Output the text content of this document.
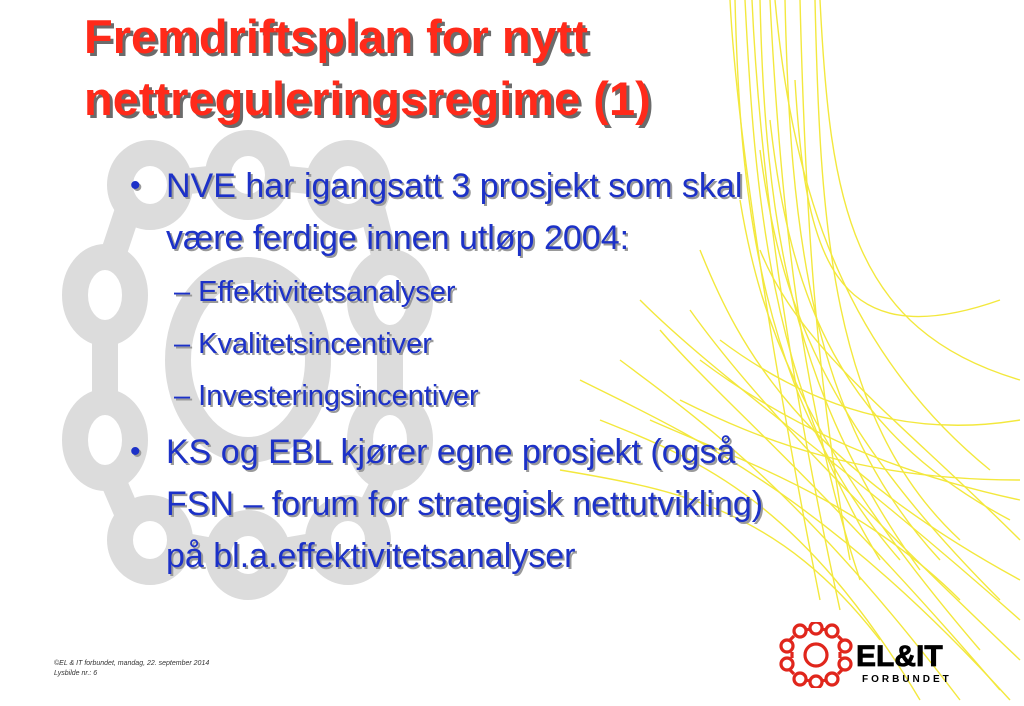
Fremdriftsplan for nytt
nettreguleringsregime (1)
• NVE har igangsatt 3 prosjekt som skal
være ferdige innen utløp 2004:
– Effektivitetsanalyser
– Kvalitetsincentiver
– Investeringsincentiver
• KS og EBL kjører egne prosjekt (også
FSN – forum for strategisk nettutvikling)
på bl.a.effektivitetsanalyser
©EL & IT forbundet, mandag, 22. september 2014
Lysbilde nr.: 6
EL&IT
FORBUNDET
